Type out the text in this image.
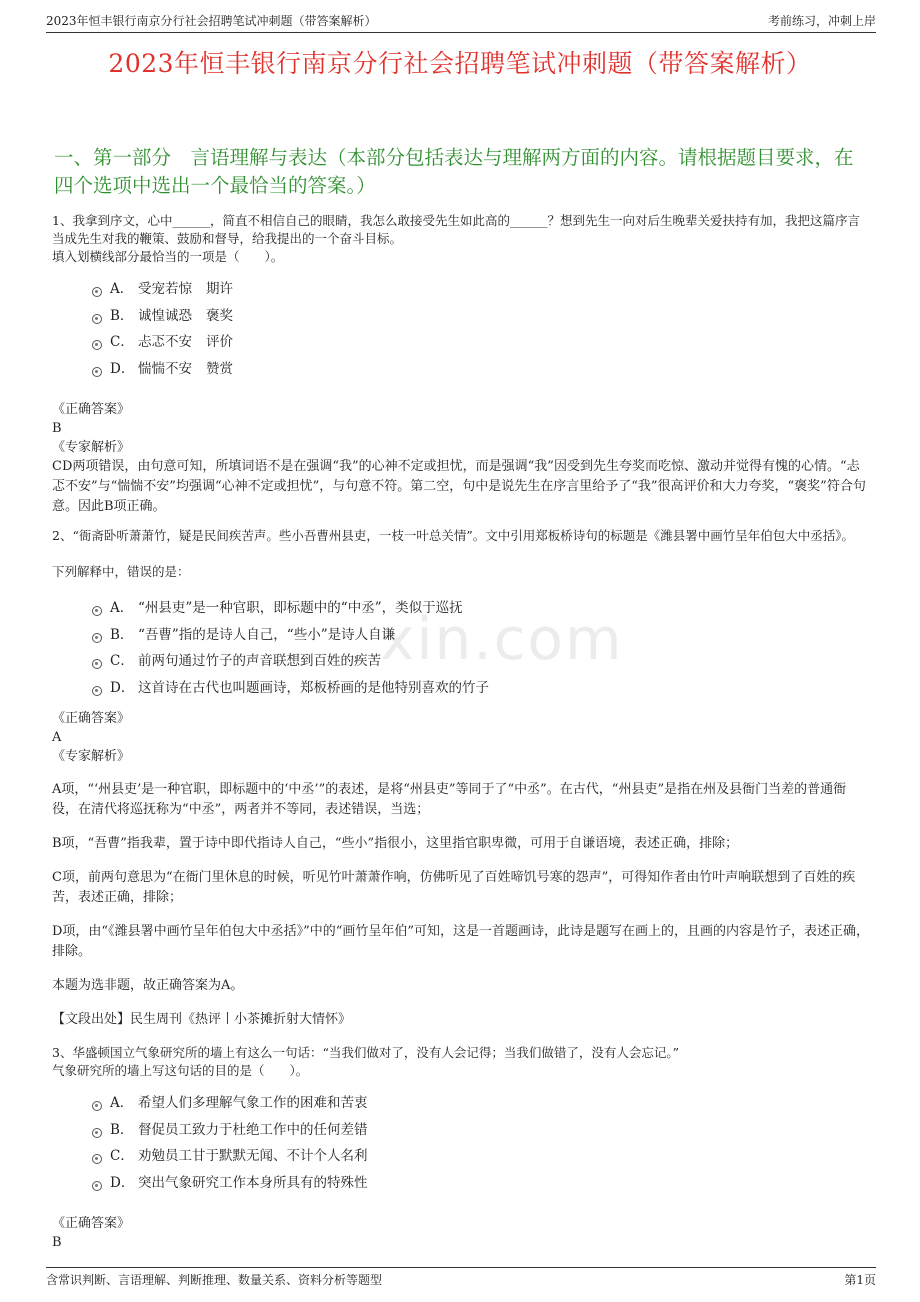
2023年恒丰银行南京分行社会招聘笔试冲刺题（带答案解析）	考前练习，冲刺上岸
2023年恒丰银行南京分行社会招聘笔试冲刺题（带答案解析）
一、第一部分　言语理解与表达（本部分包括表达与理解两方面的内容。请根据题目要求，在四个选项中选出一个最恰当的答案。）
xin.com

1、我拿到序文，心中______，简直不相信自己的眼睛，我怎么敢接受先生如此高的______？想到先生一向对后生晚辈关爱扶持有加，我把这篇序言当成先生对我的鞭策、鼓励和督导，给我提出的一个奋斗目标。

填入划横线部分最恰当的一项是（　　）。

A． 受宠若惊 期许
B． 诚惶诚恐 褒奖
C． 忐忑不安 评价
D． 惴惴不安 赞赏

《正确答案》

B

《专家解析》

CD两项错误，由句意可知，所填词语不是在强调“我”的心神不定或担忧，而是强调“我”因受到先生夸奖而吃惊、激动并觉得有愧的心情。“忐忑不安”与“惴惴不安”均强调“心神不定或担忧”，与句意不符。第二空，句中是说先生在序言里给予了“我”很高评价和大力夸奖，“褒奖”符合句意。因此B项正确。

2、“衙斋卧听萧萧竹，疑是民间疾苦声。些小吾曹州县吏，一枝一叶总关情”。文中引用郑板桥诗句的标题是《潍县署中画竹呈年伯包大中丞括》。

下列解释中，错误的是：

A． “州县吏”是一种官职，即标题中的“中丞”，类似于巡抚
B． “吾曹”指的是诗人自己，“些小”是诗人自谦
C． 前两句通过竹子的声音联想到百姓的疾苦
D． 这首诗在古代也叫题画诗，郑板桥画的是他特别喜欢的竹子

《正确答案》

A

《专家解析》

A项，“‘州县吏’是一种官职，即标题中的‘中丞’”的表述，是将“州县吏”等同于了“中丞”。在古代，“州县吏”是指在州及县衙门当差的普通衙役，在清代将巡抚称为“中丞”，两者并不等同，表述错误，当选；

B项，“吾曹”指我辈，置于诗中即代指诗人自己，“些小”指很小，这里指官职卑微，可用于自谦语境，表述正确，排除；

C项，前两句意思为“在衙门里休息的时候，听见竹叶萧萧作响，仿佛听见了百姓啼饥号寒的怨声”，可得知作者由竹叶声响联想到了百姓的疾苦，表述正确，排除；

D项，由“《潍县署中画竹呈年伯包大中丞括》”中的“画竹呈年伯”可知，这是一首题画诗，此诗是题写在画上的，且画的内容是竹子，表述正确，排除。

本题为选非题，故正确答案为A。

【文段出处】民生周刊《热评丨小茶摊折射大情怀》

3、华盛顿国立气象研究所的墙上有这么一句话：“当我们做对了，没有人会记得；当我们做错了，没有人会忘记。”

气象研究所的墙上写这句话的目的是（　　）。

A． 希望人们多理解气象工作的困难和苦衷
B． 督促员工致力于杜绝工作中的任何差错
C． 劝勉员工甘于默默无闻、不计个人名利
D． 突出气象研究工作本身所具有的特殊性

《正确答案》

B

含常识判断、言语理解、判断推理、数量关系、资料分析等题型	第1页
